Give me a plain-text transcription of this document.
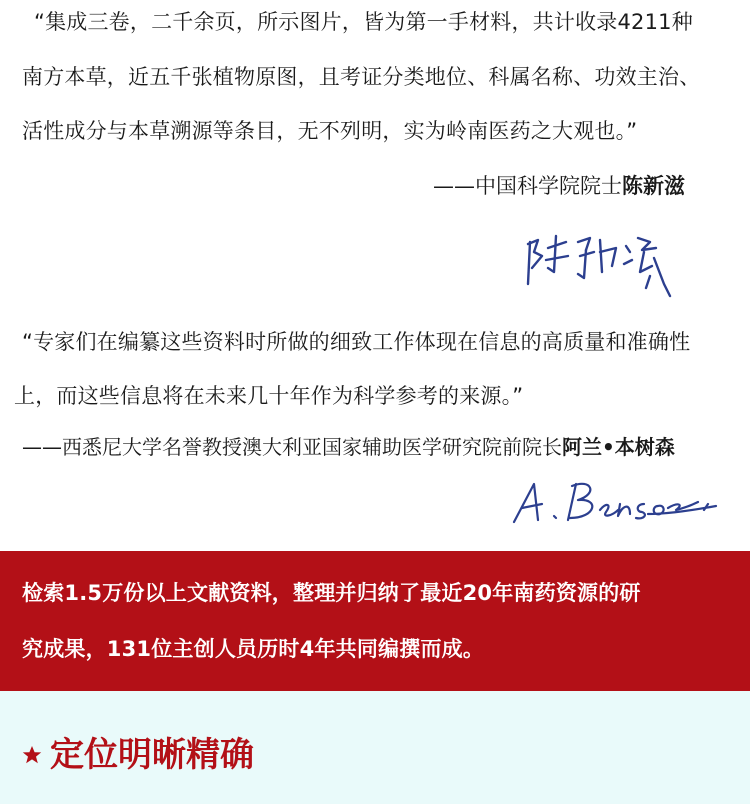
“集成三卷，二千余页，所示图片，皆为第一手材料，共计收录4211种
南方本草，近五千张植物原图，且考证分类地位、科属名称、功效主治、
活性成分与本草溯源等条目，无不列明，实为岭南医药之大观也。”
——中国科学院院士陈新滋
“专家们在编纂这些资料时所做的细致工作体现在信息的高质量和准确性
上，而这些信息将在未来几十年作为科学参考的来源。”
——西悉尼大学名誉教授澳大利亚国家辅助医学研究院前院长阿兰•本树森
检索1.5万份以上文献资料，整理并归纳了最近20年南药资源的研
究成果，131位主创人员历时4年共同编撰而成。
定位明晰精确
